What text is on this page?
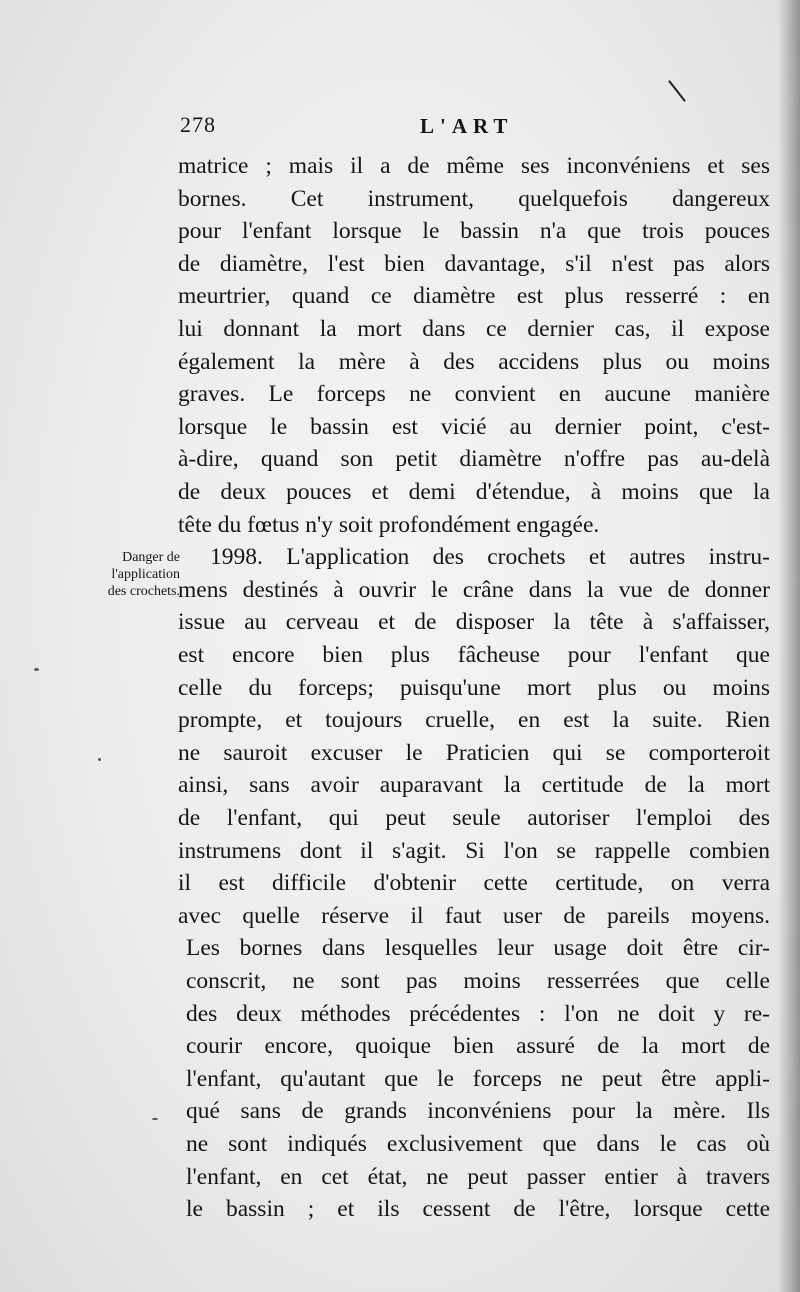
278	L'ART
Danger de
l'application
des crochets.
matrice ; mais il a de même ses inconvéniens et ses
bornes. Cet instrument, quelquefois dangereux
pour l'enfant lorsque le bassin n'a que trois pouces
de diamètre, l'est bien davantage, s'il n'est pas alors
meurtrier, quand ce diamètre est plus resserré : en
lui donnant la mort dans ce dernier cas, il expose
également la mère à des accidens plus ou moins
graves. Le forceps ne convient en aucune manière
lorsque le bassin est vicié au dernier point, c'est-
à-dire, quand son petit diamètre n'offre pas au-delà
de deux pouces et demi d'étendue, à moins que la
tête du fœtus n'y soit profondément engagée.
1998. L'application des crochets et autres instru-
mens destinés à ouvrir le crâne dans la vue de donner
issue au cerveau et de disposer la tête à s'affaisser,
est encore bien plus fâcheuse pour l'enfant que
celle du forceps; puisqu'une mort plus ou moins
prompte, et toujours cruelle, en est la suite. Rien
ne sauroit excuser le Praticien qui se comporteroit
ainsi, sans avoir auparavant la certitude de la mort
de l'enfant, qui peut seule autoriser l'emploi des
instrumens dont il s'agit. Si l'on se rappelle combien
il est difficile d'obtenir cette certitude, on verra
avec quelle réserve il faut user de pareils moyens.
Les bornes dans lesquelles leur usage doit être cir-
conscrit, ne sont pas moins resserrées que celle
des deux méthodes précédentes : l'on ne doit y re-
courir encore, quoique bien assuré de la mort de
l'enfant, qu'autant que le forceps ne peut être appli-
qué sans de grands inconvéniens pour la mère. Ils
ne sont indiqués exclusivement que dans le cas où
l'enfant, en cet état, ne peut passer entier à travers
le bassin ; et ils cessent de l'être, lorsque cette
